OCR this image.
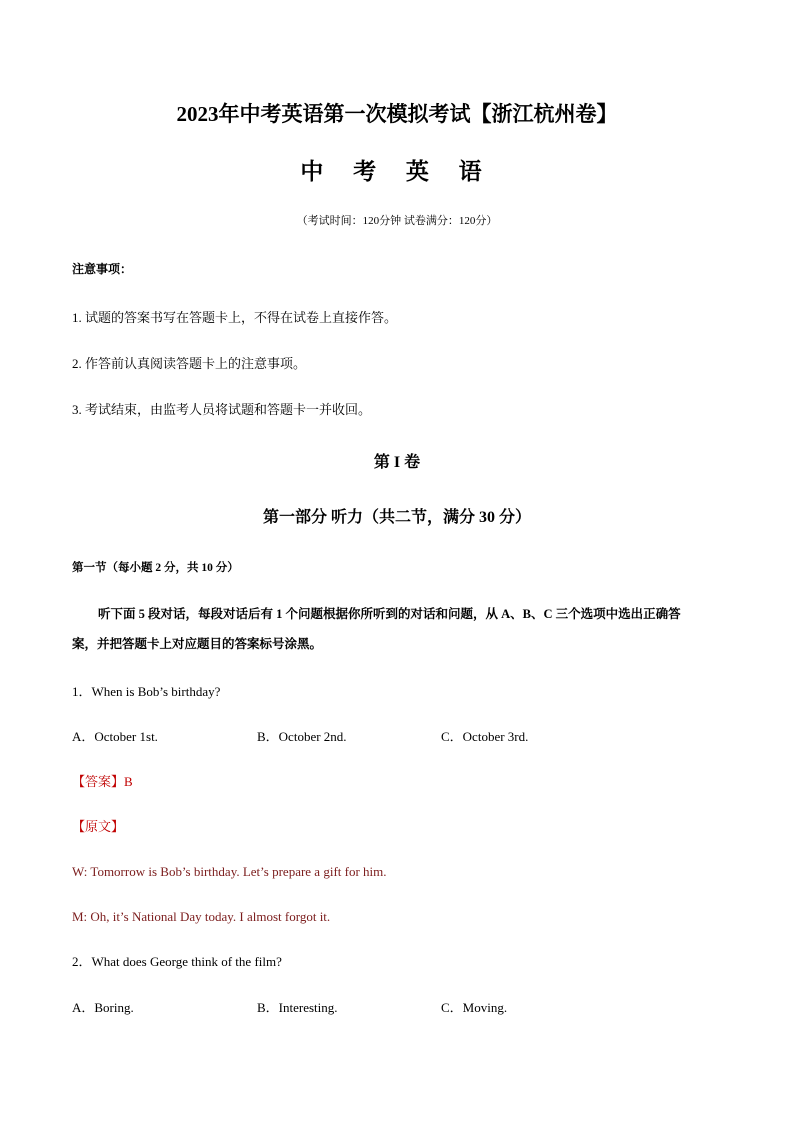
2023年中考英语第一次模拟考试【浙江杭州卷】
中 考 英 语
（考试时间：120分钟 试卷满分：120分）
注意事项：
1. 试题的答案书写在答题卡上，不得在试卷上直接作答。
2. 作答前认真阅读答题卡上的注意事项。
3. 考试结束，由监考人员将试题和答题卡一并收回。
第 I 卷
第一部分 听力（共二节，满分 30 分）
第一节（每小题 2 分，共 10 分）
听下面 5 段对话，每段对话后有 1 个问题根据你所听到的对话和问题，从 A、B、C 三个选项中选出正确答
案，并把答题卡上对应题目的答案标号涂黑。
1．When is Bob’s birthday?
A．October 1st.	B．October 2nd.	C．October 3rd.
【答案】B
【原文】
W: Tomorrow is Bob’s birthday. Let’s prepare a gift for him.
M: Oh, it’s National Day today. I almost forgot it.
2．What does George think of the film?
A．Boring.	B．Interesting.	C．Moving.
